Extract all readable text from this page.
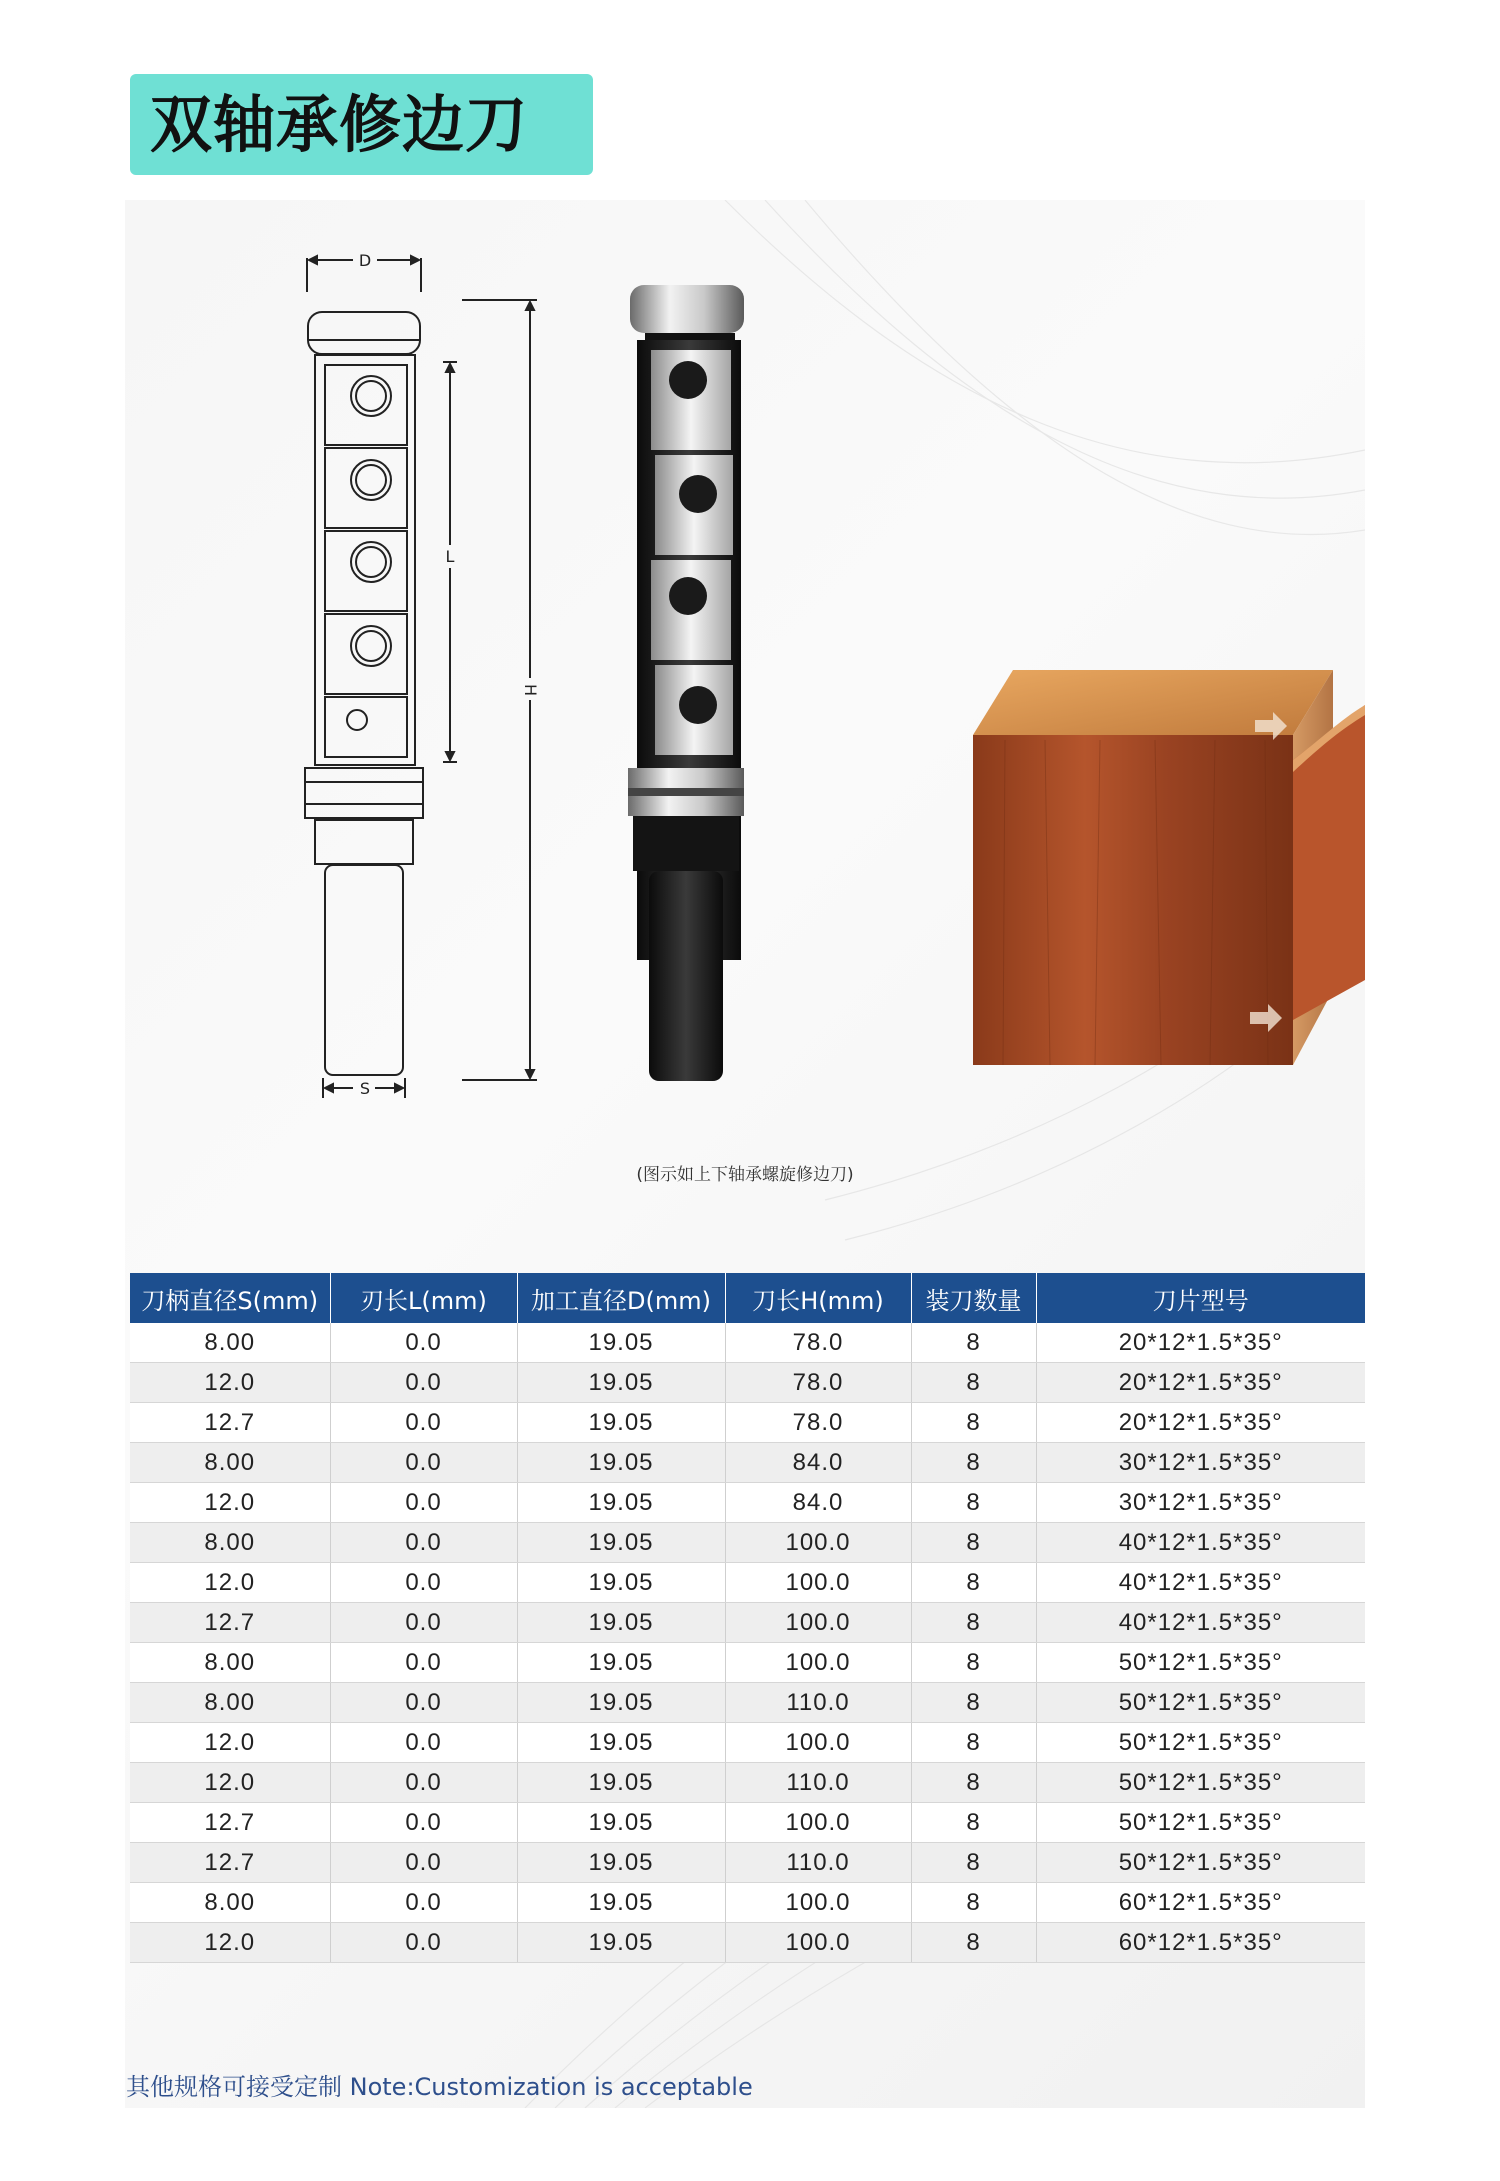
双轴承修边刀
D
L
H
S
(图示如上下轴承螺旋修边刀)
刀柄直径S(mm)	刃长L(mm)	加工直径D(mm)	刀长H(mm)	装刀数量	刀片型号
8.00	0.0	19.05	78.0	8	20*12*1.5*35°
12.0	0.0	19.05	78.0	8	20*12*1.5*35°
12.7	0.0	19.05	78.0	8	20*12*1.5*35°
8.00	0.0	19.05	84.0	8	30*12*1.5*35°
12.0	0.0	19.05	84.0	8	30*12*1.5*35°
8.00	0.0	19.05	100.0	8	40*12*1.5*35°
12.0	0.0	19.05	100.0	8	40*12*1.5*35°
12.7	0.0	19.05	100.0	8	40*12*1.5*35°
8.00	0.0	19.05	100.0	8	50*12*1.5*35°
8.00	0.0	19.05	110.0	8	50*12*1.5*35°
12.0	0.0	19.05	100.0	8	50*12*1.5*35°
12.0	0.0	19.05	110.0	8	50*12*1.5*35°
12.7	0.0	19.05	100.0	8	50*12*1.5*35°
12.7	0.0	19.05	110.0	8	50*12*1.5*35°
8.00	0.0	19.05	100.0	8	60*12*1.5*35°
12.0	0.0	19.05	100.0	8	60*12*1.5*35°
其他规格可接受定制 Note:Customization is acceptable
